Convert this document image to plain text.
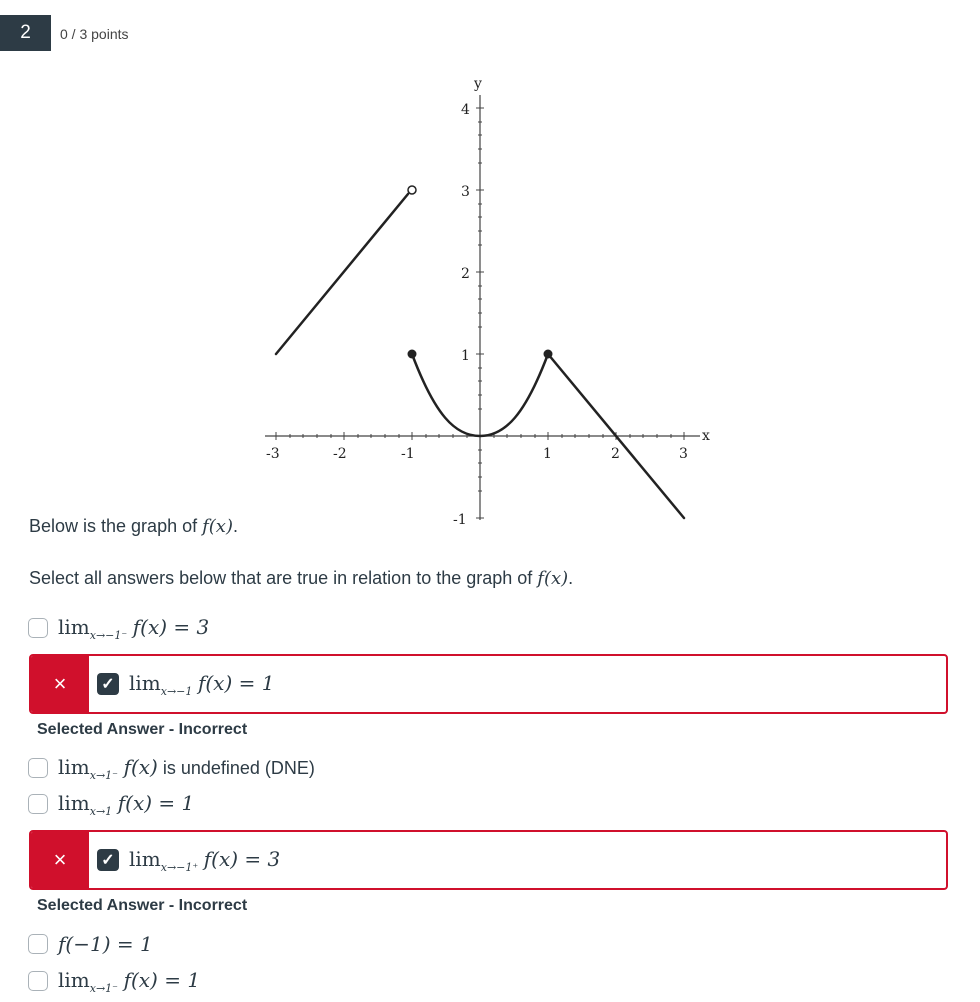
2 0 / 3 points
y
x
4
3
2
1
-1
-3	-2	-1	1	2	3
Below is the graph of f(x).
Select all answers below that are true in relation to the graph of f(x).
$\lim_{x\to-1^-} f(x) = 3$
×	✓ $\lim_{x\to-1} f(x) = 1$
Selected Answer - Incorrect
$\lim_{x\to 1^-} f(x)$ is undefined (DNE)
$\lim_{x\to 1} f(x) = 1$
×	✓ $\lim_{x\to-1^+} f(x) = 3$
Selected Answer - Incorrect
f(−1) = 1
$\lim_{x\to 1^-} f(x) = 1$
